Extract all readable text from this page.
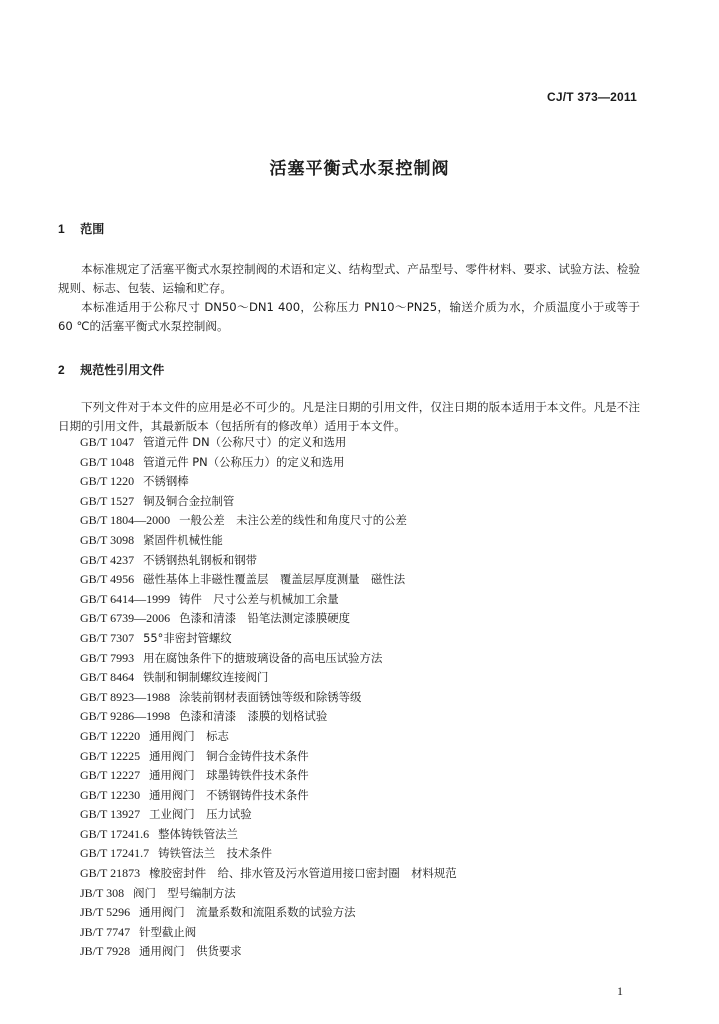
CJ/T 373—2011
活塞平衡式水泵控制阀
1 范围

本标准规定了活塞平衡式水泵控制阀的术语和定义、结构型式、产品型号、零件材料、要求、试验方法、检验规则、标志、包装、运输和贮存。

本标准适用于公称尺寸 DN50～DN1 400，公称压力 PN10～PN25，输送介质为水，介质温度小于或等于 60 ℃的活塞平衡式水泵控制阀。

2 规范性引用文件

下列文件对于本文件的应用是必不可少的。凡是注日期的引用文件，仅注日期的版本适用于本文件。凡是不注日期的引用文件，其最新版本（包括所有的修改单）适用于本文件。

GB/T 1047 管道元件 DN（公称尺寸）的定义和选用
GB/T 1048 管道元件 PN（公称压力）的定义和选用
GB/T 1220 不锈钢棒
GB/T 1527 铜及铜合金拉制管
GB/T 1804—2000 一般公差　未注公差的线性和角度尺寸的公差
GB/T 3098 紧固件机械性能
GB/T 4237 不锈钢热轧钢板和钢带
GB/T 4956 磁性基体上非磁性覆盖层　覆盖层厚度测量　磁性法
GB/T 6414—1999 铸件　尺寸公差与机械加工余量
GB/T 6739—2006 色漆和清漆　铅笔法测定漆膜硬度
GB/T 7307 55°非密封管螺纹
GB/T 7993 用在腐蚀条件下的搪玻璃设备的高电压试验方法
GB/T 8464 铁制和铜制螺纹连接阀门
GB/T 8923—1988 涂装前钢材表面锈蚀等级和除锈等级
GB/T 9286—1998 色漆和清漆　漆膜的划格试验
GB/T 12220 通用阀门　标志
GB/T 12225 通用阀门　铜合金铸件技术条件
GB/T 12227 通用阀门　球墨铸铁件技术条件
GB/T 12230 通用阀门　不锈钢铸件技术条件
GB/T 13927 工业阀门　压力试验
GB/T 17241.6 整体铸铁管法兰
GB/T 17241.7 铸铁管法兰　技术条件
GB/T 21873 橡胶密封件　给、排水管及污水管道用接口密封圈　材料规范
JB/T 308 阀门　型号编制方法
JB/T 5296 通用阀门　流量系数和流阻系数的试验方法
JB/T 7747 针型截止阀
JB/T 7928 通用阀门　供货要求
1
